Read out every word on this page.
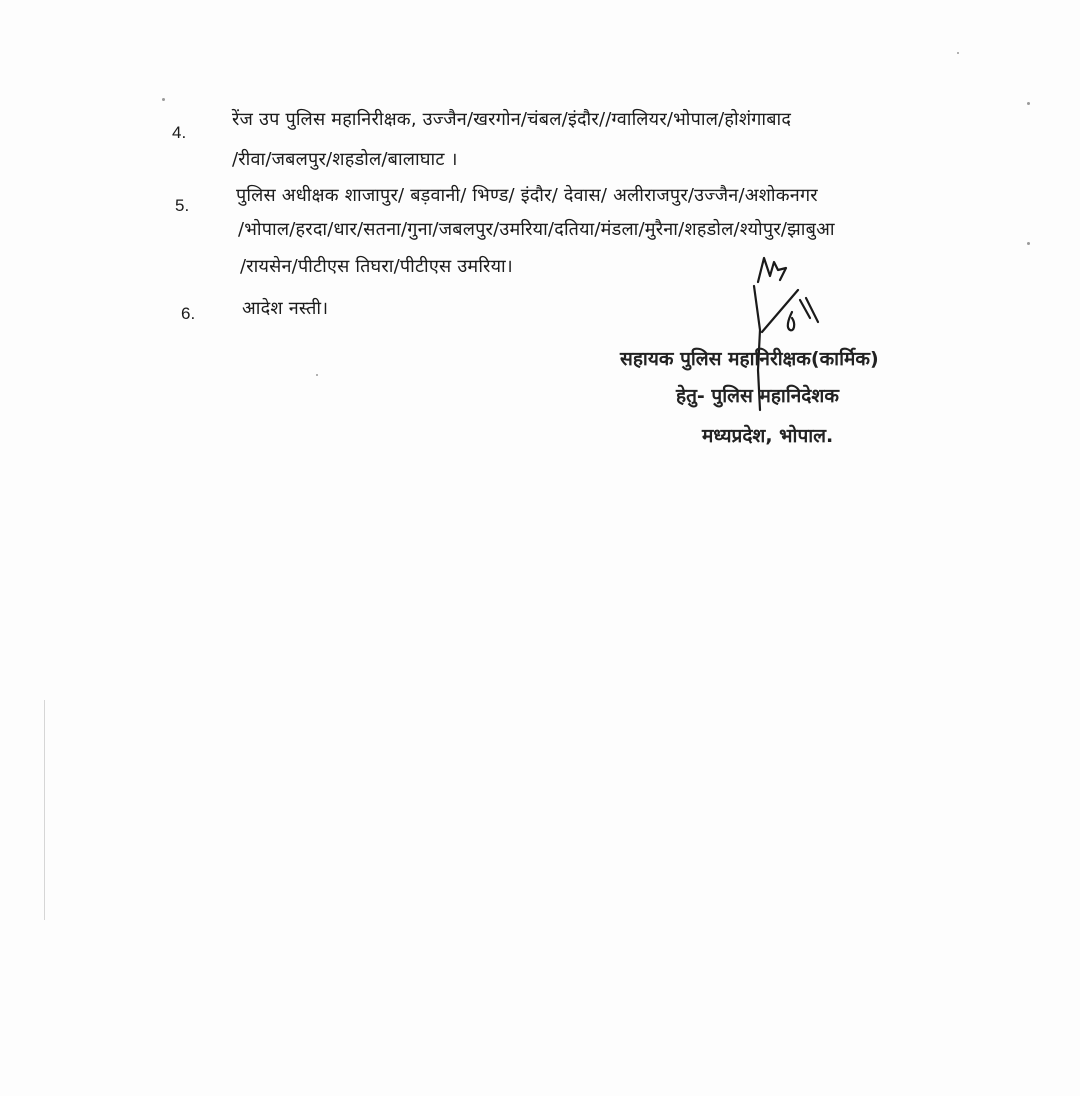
4.
रेंज उप पुलिस महानिरीक्षक, उज्जैन/खरगोन/चंबल/इंदौर//ग्वालियर/भोपाल/होशंगाबाद
/रीवा/जबलपुर/शहडोल/बालाघाट ।
5.	पुलिस अधीक्षक शाजापुर/ बड़वानी/ भिण्ड/ इंदौर/ देवास/ अलीराजपुर/उज्जैन/अशोकनगर
/भोपाल/हरदा/धार/सतना/गुना/जबलपुर/उमरिया/दतिया/मंडला/मुरैना/शहडोल/श्योपुर/झाबुआ
/रायसेन/पीटीएस तिघरा/पीटीएस उमरिया।
6.	आदेश नस्ती।
सहायक पुलिस महानिरीक्षक(कार्मिक)
हेतु- पुलिस महानिदेशक
मध्यप्रदेश, भोपाल.
